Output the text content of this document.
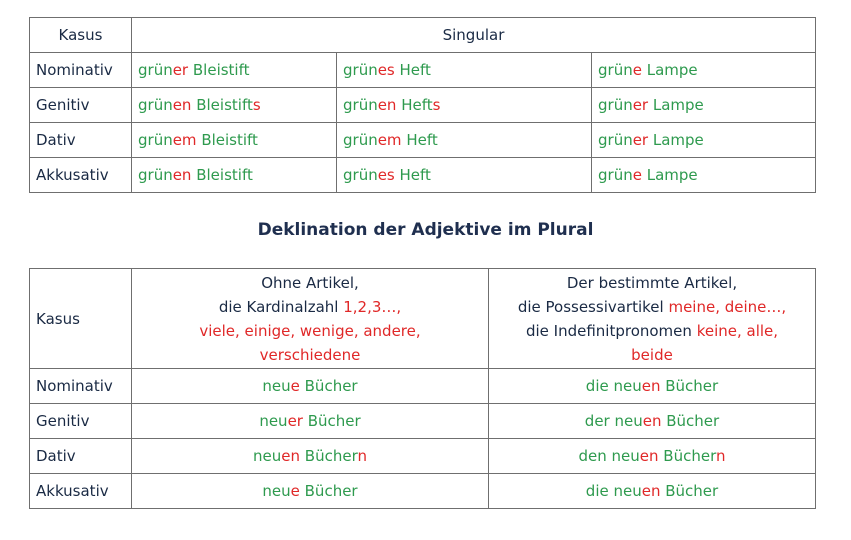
Kasus	Singular		
Nominativ	grüner Bleistift	grünes Heft	grüne Lampe
Genitiv	grünen Bleistifts	grünen Hefts	grüner Lampe
Dativ	grünem Bleistift	grünem Heft	grüner Lampe
Akkusativ	grünen Bleistift	grünes Heft	grüne Lampe
Deklination der Adjektive im Plural
Kasus	Ohne Artikel,
die Kardinalzahl 1,2,3…,
viele, einige, wenige, andere,
verschiedene	Der bestimmte Artikel,
die Possessivartikel meine, deine…,
die Indefinitpronomen keine, alle,
beide
Nominativ	neue Bücher	die neuen Bücher
Genitiv	neuer Bücher	der neuen Bücher
Dativ	neuen Büchern	den neuen Büchern
Akkusativ	neue Bücher	die neuen Bücher
